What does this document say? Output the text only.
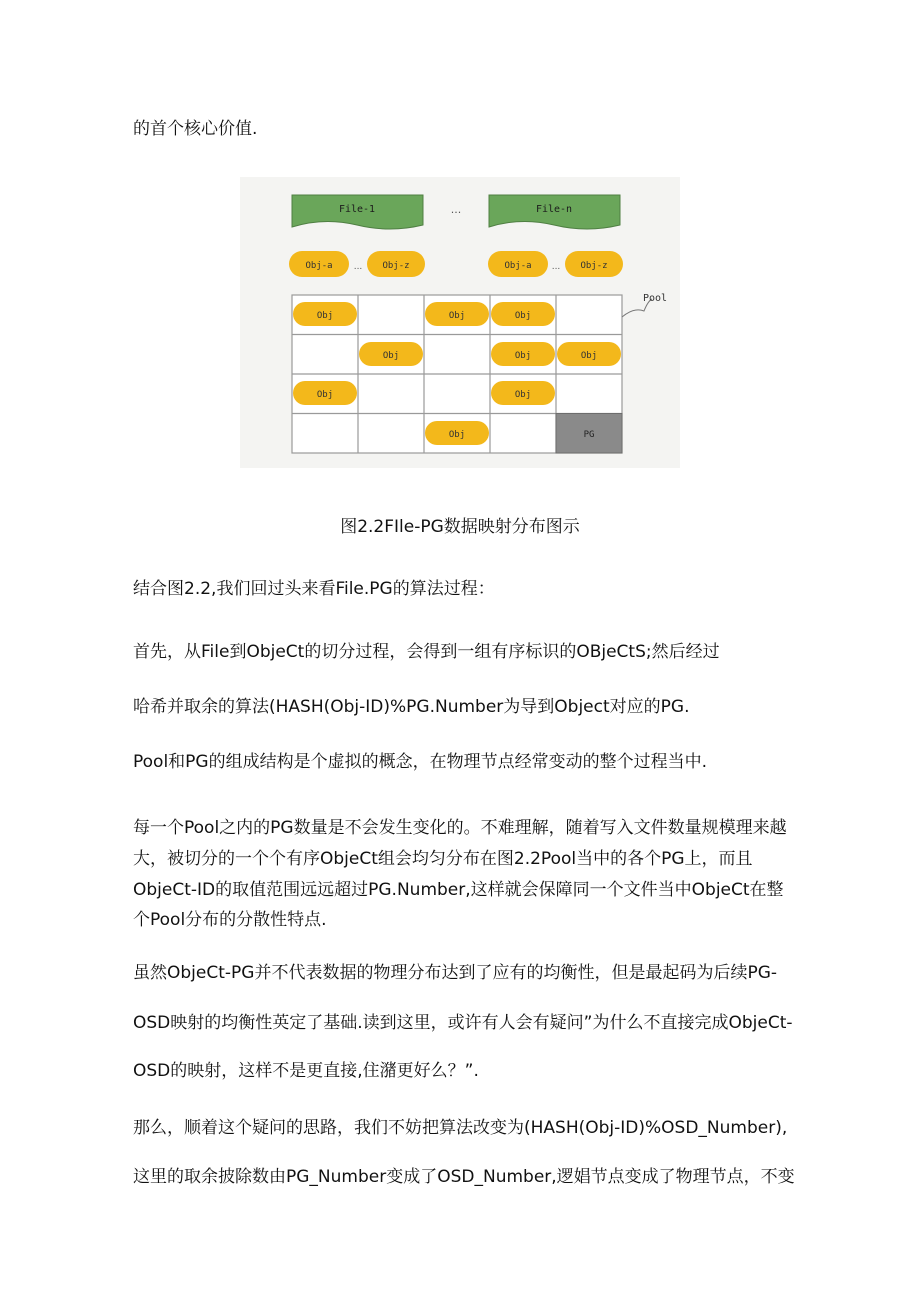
的首个核心价值.
File-1	...	File-n
Obj-a ... Obj-z	Obj-a ... Obj-z
PG
Obj	Obj	Obj
Obj	Obj	Obj
Obj	Obj
Obj
Pool
图2.2FIle-PG数据映射分布图示
结合图2.2,我们回过头来看File.PG的算法过程：
首先，从File到ObjeCt的切分过程，会得到一组有序标识的OBjeCtS;然后经过
哈希并取余的算法(HASH(Obj-ID)%PG.Number为导到Object对应的PG.
Pool和PG的组成结构是个虚拟的概念，在物理节点经常变动的整个过程当中.
每一个Pool之内的PG数量是不会发生变化的。不难理解，随着写入文件数量规模理来越
大，被切分的一个个有序ObjeCt组会均匀分布在图2.2Pool当中的各个PG上，而且
ObjeCt-ID的取值范围远远超过PG.Number,这样就会保障同一个文件当中ObjeCt在整
个Pool分布的分散性特点.
虽然ObjeCt-PG并不代表数据的物理分布达到了应有的均衡性，但是最起码为后续PG-
OSD映射的均衡性英定了基础.读到这里，或许有人会有疑问”为什么不直接完成ObjeCt-
OSD的映射，这样不是更直接,住潴更好么？”.
那么，顺着这个疑问的思路，我们不妨把算法改变为(HASH(Obj-ID)%OSD_Number),
这里的取余披除数由PG_Number变成了OSD_Number,逻娼节点变成了物理节点，不变
